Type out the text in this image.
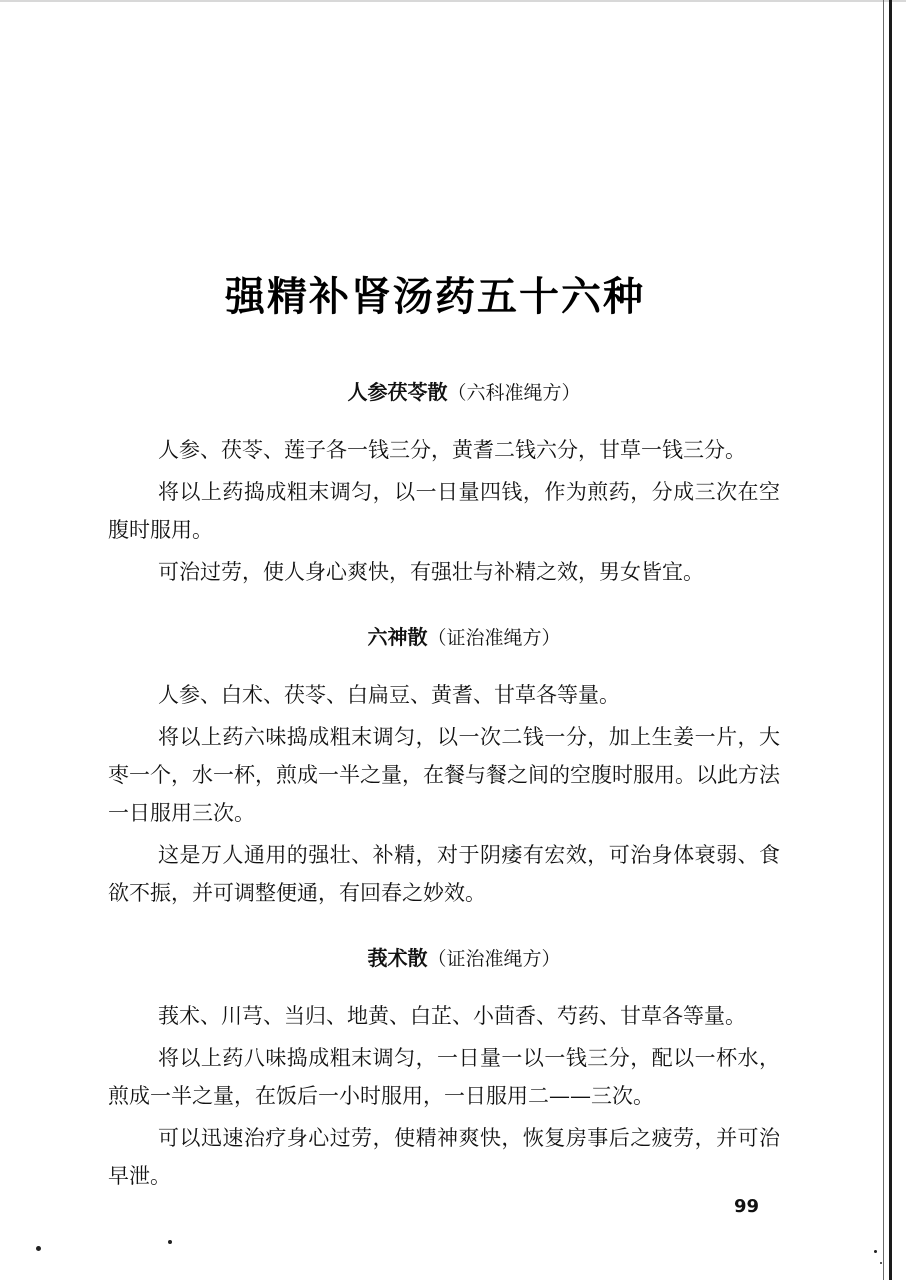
强精补肾汤药五十六种
人参茯苓散（六科准绳方）

人参、茯苓、莲子各一钱三分，黄耆二钱六分，甘草一钱三分。

将以上药捣成粗末调匀，以一日量四钱，作为煎药，分成三次在空腹时服用。

可治过劳，使人身心爽快，有强壮与补精之效，男女皆宜。

六神散（证治准绳方）

人参、白术、茯苓、白扁豆、黄耆、甘草各等量。

将以上药六味捣成粗末调匀，以一次二钱一分，加上生姜一片，大枣一个，水一杯，煎成一半之量，在餐与餐之间的空腹时服用。以此方法一日服用三次。

这是万人通用的强壮、补精，对于阴痿有宏效，可治身体衰弱、食欲不振，并可调整便通，有回春之妙效。

莪术散（证治准绳方）

莪术、川芎、当归、地黄、白芷、小茴香、芍药、甘草各等量。

将以上药八味捣成粗末调匀，一日量一以一钱三分，配以一杯水，煎成一半之量，在饭后一小时服用，一日服用二——三次。

可以迅速治疗身心过劳，使精神爽快，恢复房事后之疲劳，并可治早泄。

99
